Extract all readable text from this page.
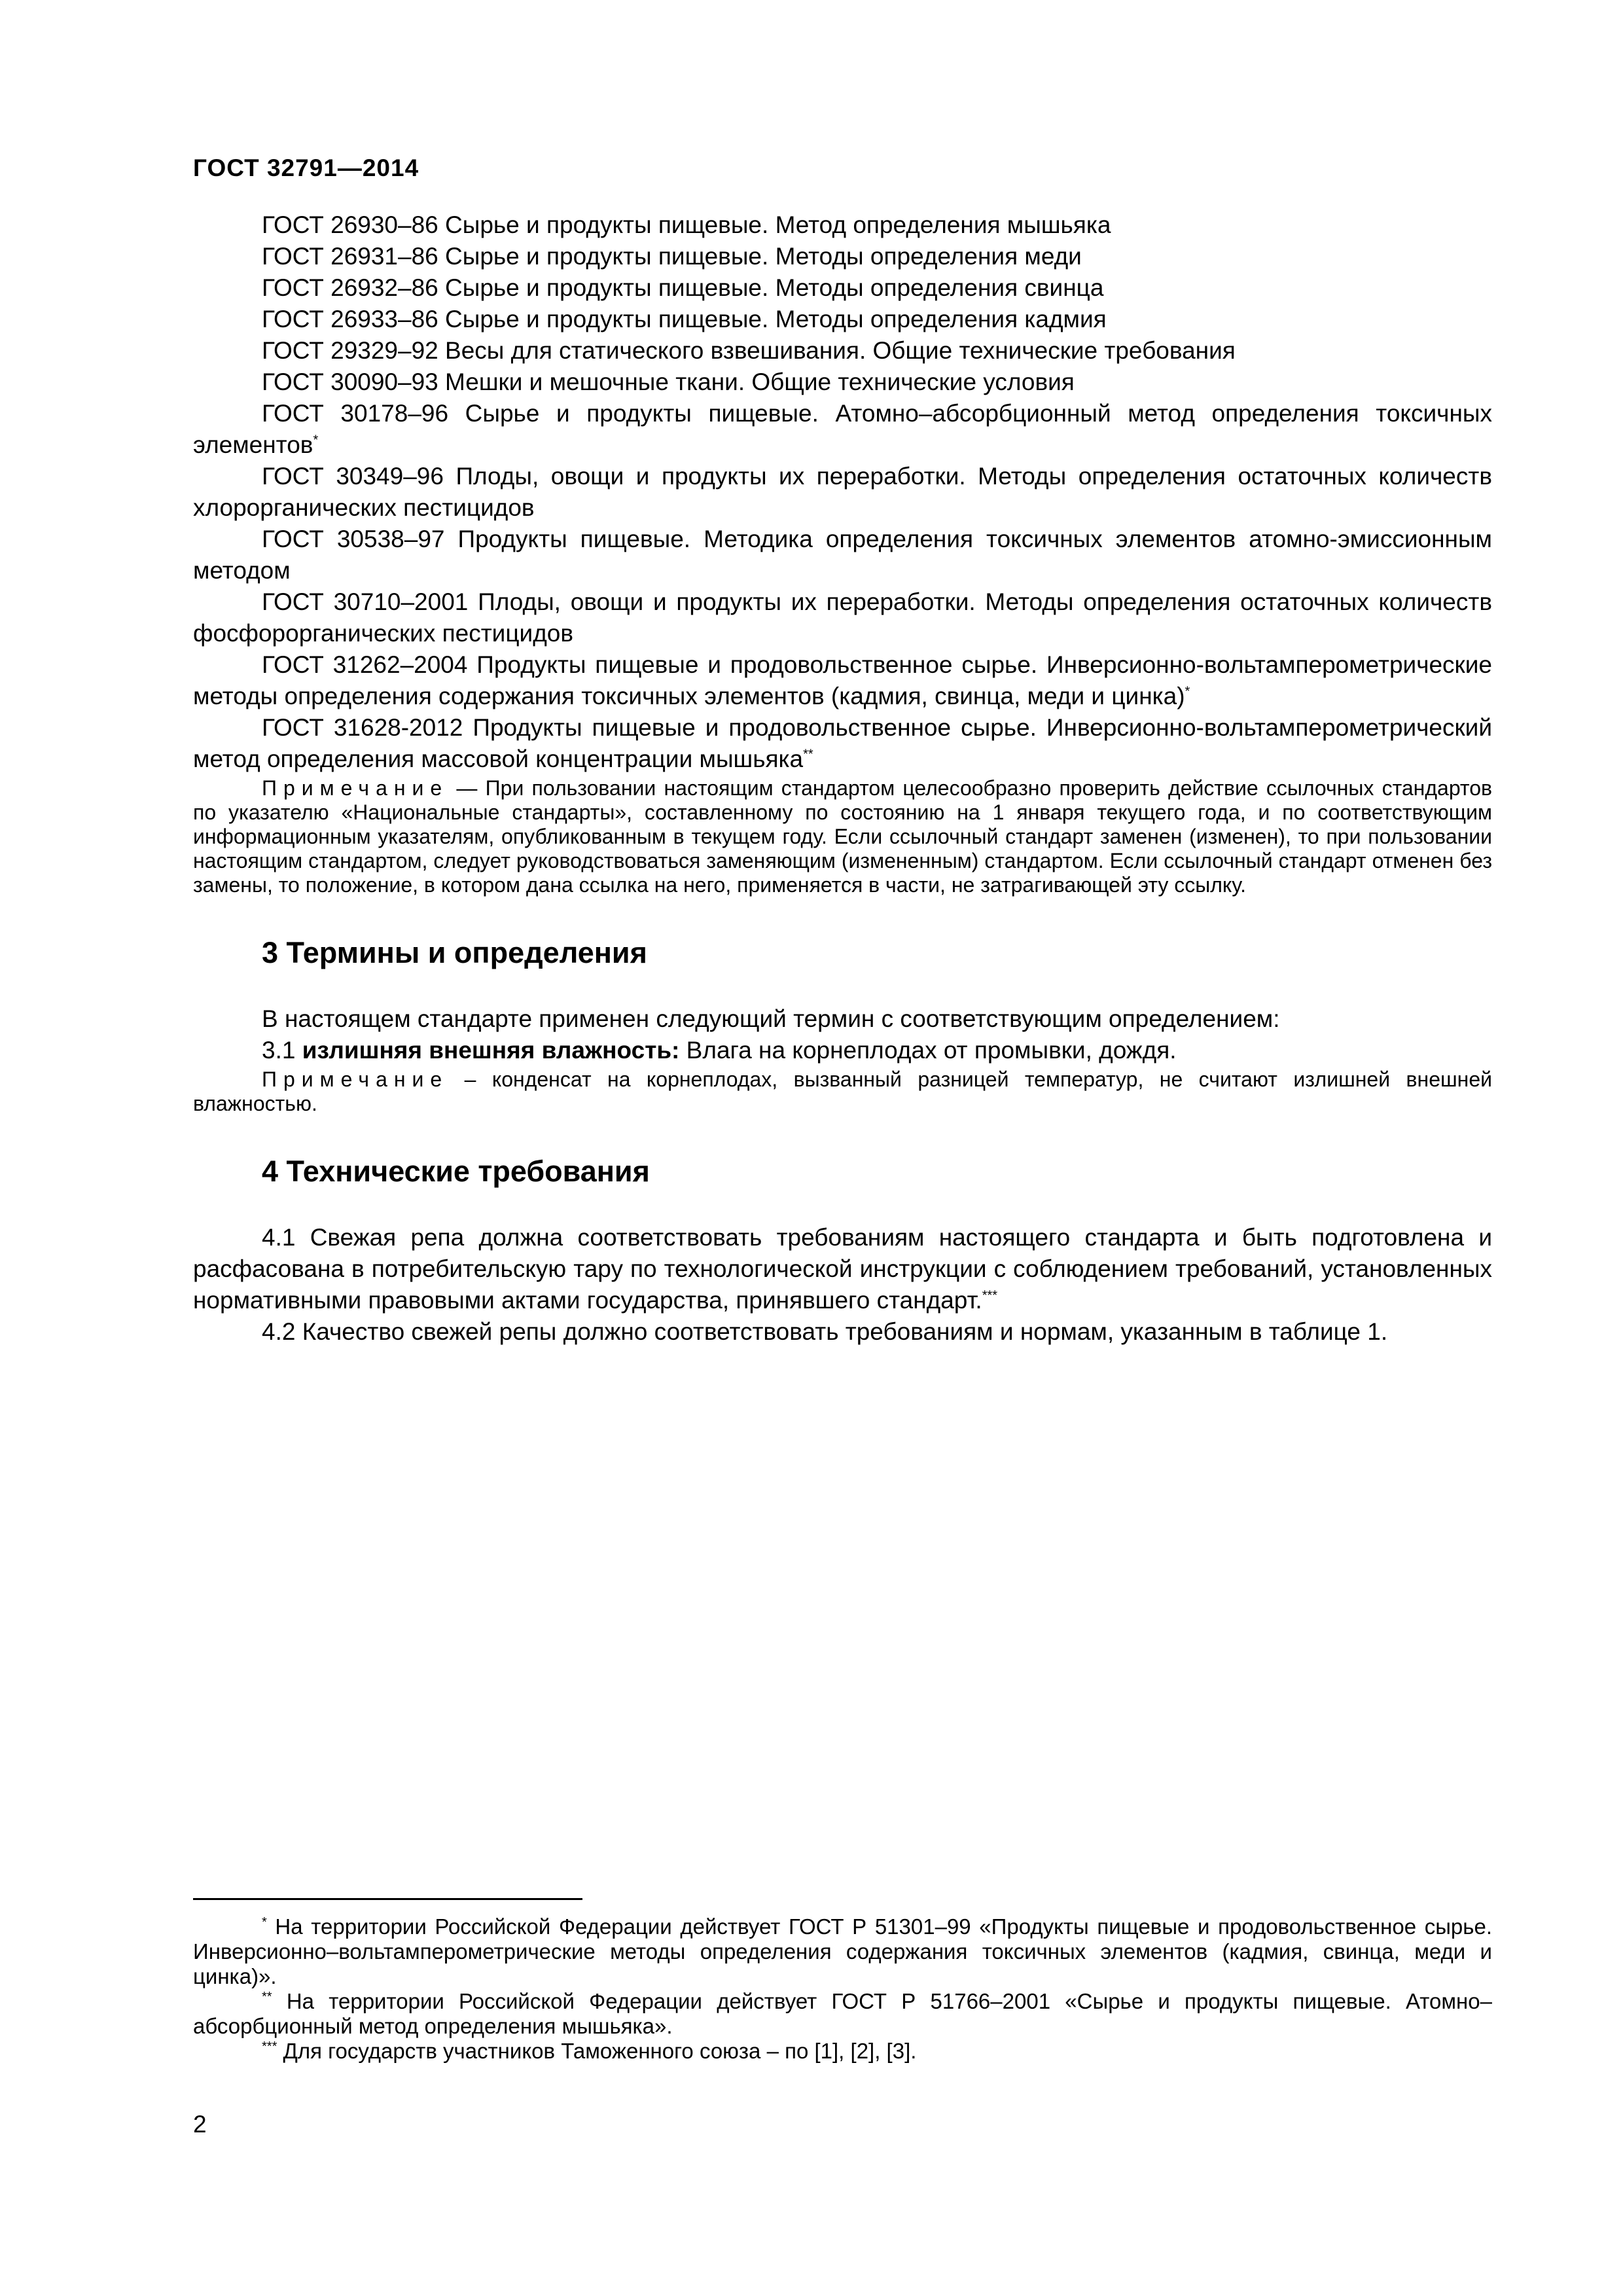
ГОСТ 32791—2014

ГОСТ 26930–86 Сырье и продукты пищевые. Метод определения мышьяка

ГОСТ 26931–86 Сырье и продукты пищевые. Методы определения меди

ГОСТ 26932–86 Сырье и продукты пищевые. Методы определения свинца

ГОСТ 26933–86 Сырье и продукты пищевые. Методы определения кадмия

ГОСТ 29329–92 Весы для статического взвешивания. Общие технические требования

ГОСТ 30090–93 Мешки и мешочные ткани. Общие технические условия

ГОСТ 30178–96 Сырье и продукты пищевые. Атомно–абсорбционный метод определения токсичных элементов*

ГОСТ 30349–96 Плоды, овощи и продукты их переработки. Методы определения остаточных количеств хлорорганических пестицидов

ГОСТ 30538–97 Продукты пищевые. Методика определения токсичных элементов атомно-эмиссионным методом

ГОСТ 30710–2001 Плоды, овощи и продукты их переработки. Методы определения остаточных количеств фосфорорганических пестицидов

ГОСТ 31262–2004 Продукты пищевые и продовольственное сырье. Инверсионно-вольтамперометрические методы определения содержания токсичных элементов (кадмия, свинца, меди и цинка)*

ГОСТ 31628-2012 Продукты пищевые и продовольственное сырье. Инверсионно-вольтамперометрический метод определения массовой концентрации мышьяка**

Примечание — При пользовании настоящим стандартом целесообразно проверить действие ссылочных стандартов по указателю «Национальные стандарты», составленному по состоянию на 1 января текущего года, и по соответствующим информационным указателям, опубликованным в текущем году. Если ссылочный стандарт заменен (изменен), то при пользовании настоящим стандартом, следует руководствоваться заменяющим (измененным) стандартом. Если ссылочный стандарт отменен без замены, то положение, в котором дана ссылка на него, применяется в части, не затрагивающей эту ссылку.

3 Термины и определения

В настоящем стандарте применен следующий термин с соответствующим определением:

3.1 излишняя внешняя влажность: Влага на корнеплодах от промывки, дождя.

Примечание – конденсат на корнеплодах, вызванный разницей температур, не считают излишней внешней влажностью.

4 Технические требования

4.1 Свежая репа должна соответствовать требованиям настоящего стандарта и быть подготовлена и расфасована в потребительскую тару по технологической инструкции с соблюдением требований, установленных нормативными правовыми актами государства, принявшего стандарт.***

4.2 Качество свежей репы должно соответствовать требованиям и нормам, указанным в таблице 1.

* На территории Российской Федерации действует ГОСТ Р 51301–99 «Продукты пищевые и продовольственное сырье. Инверсионно–вольтамперометрические методы определения содержания токсичных элементов (кадмия, свинца, меди и цинка)».

** На территории Российской Федерации действует ГОСТ Р 51766–2001 «Сырье и продукты пищевые. Атомно–абсорбционный метод определения мышьяка».

*** Для государств участников Таможенного союза – по [1], [2], [3].

2
